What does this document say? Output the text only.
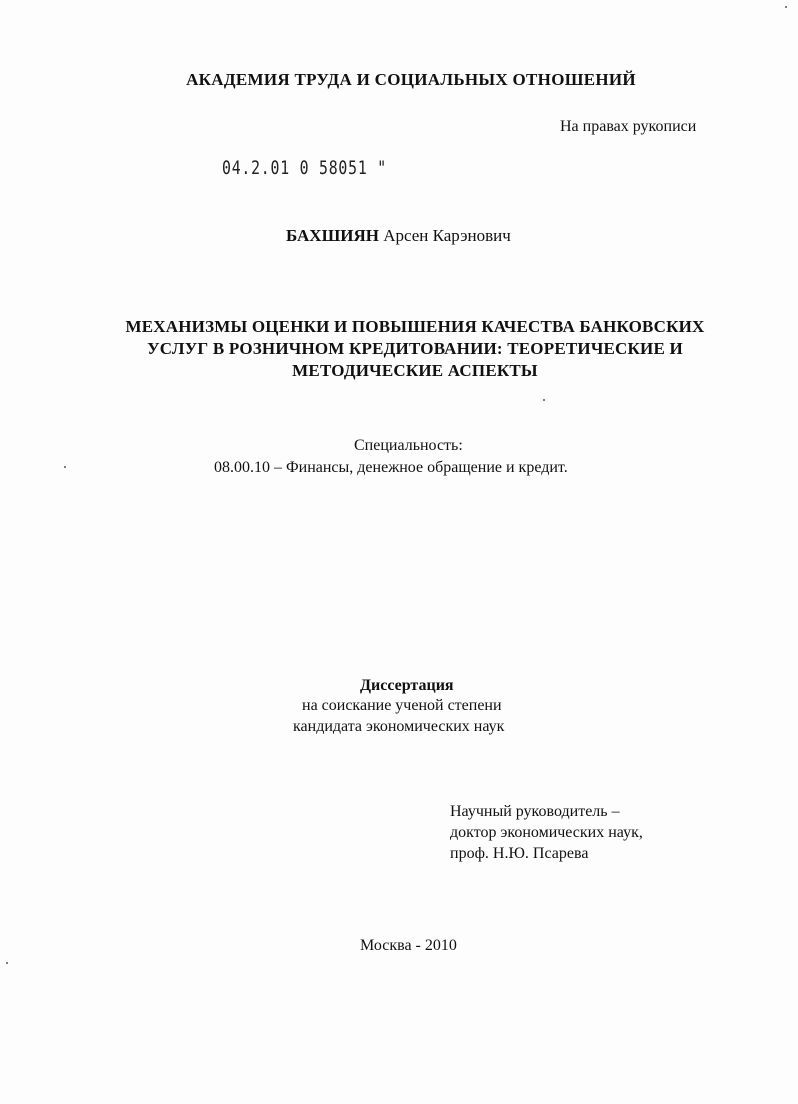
АКАДЕМИЯ ТРУДА И СОЦИАЛЬНЫХ ОТНОШЕНИЙ
На правах рукописи
04.2.01 0 58051 "
БАХШИЯН Арсен Карэнович
МЕХАНИЗМЫ ОЦЕНКИ И ПОВЫШЕНИЯ КАЧЕСТВА БАНКОВСКИХ
УСЛУГ В РОЗНИЧНОМ КРЕДИТОВАНИИ: ТЕОРЕТИЧЕСКИЕ И
МЕТОДИЧЕСКИЕ АСПЕКТЫ
Специальность:
08.00.10 – Финансы, денежное обращение и кредит.
Диссертация
на соискание ученой степени
кандидата экономических наук
Научный руководитель –
доктор экономических наук,
проф. Н.Ю. Псарева
Москва - 2010
